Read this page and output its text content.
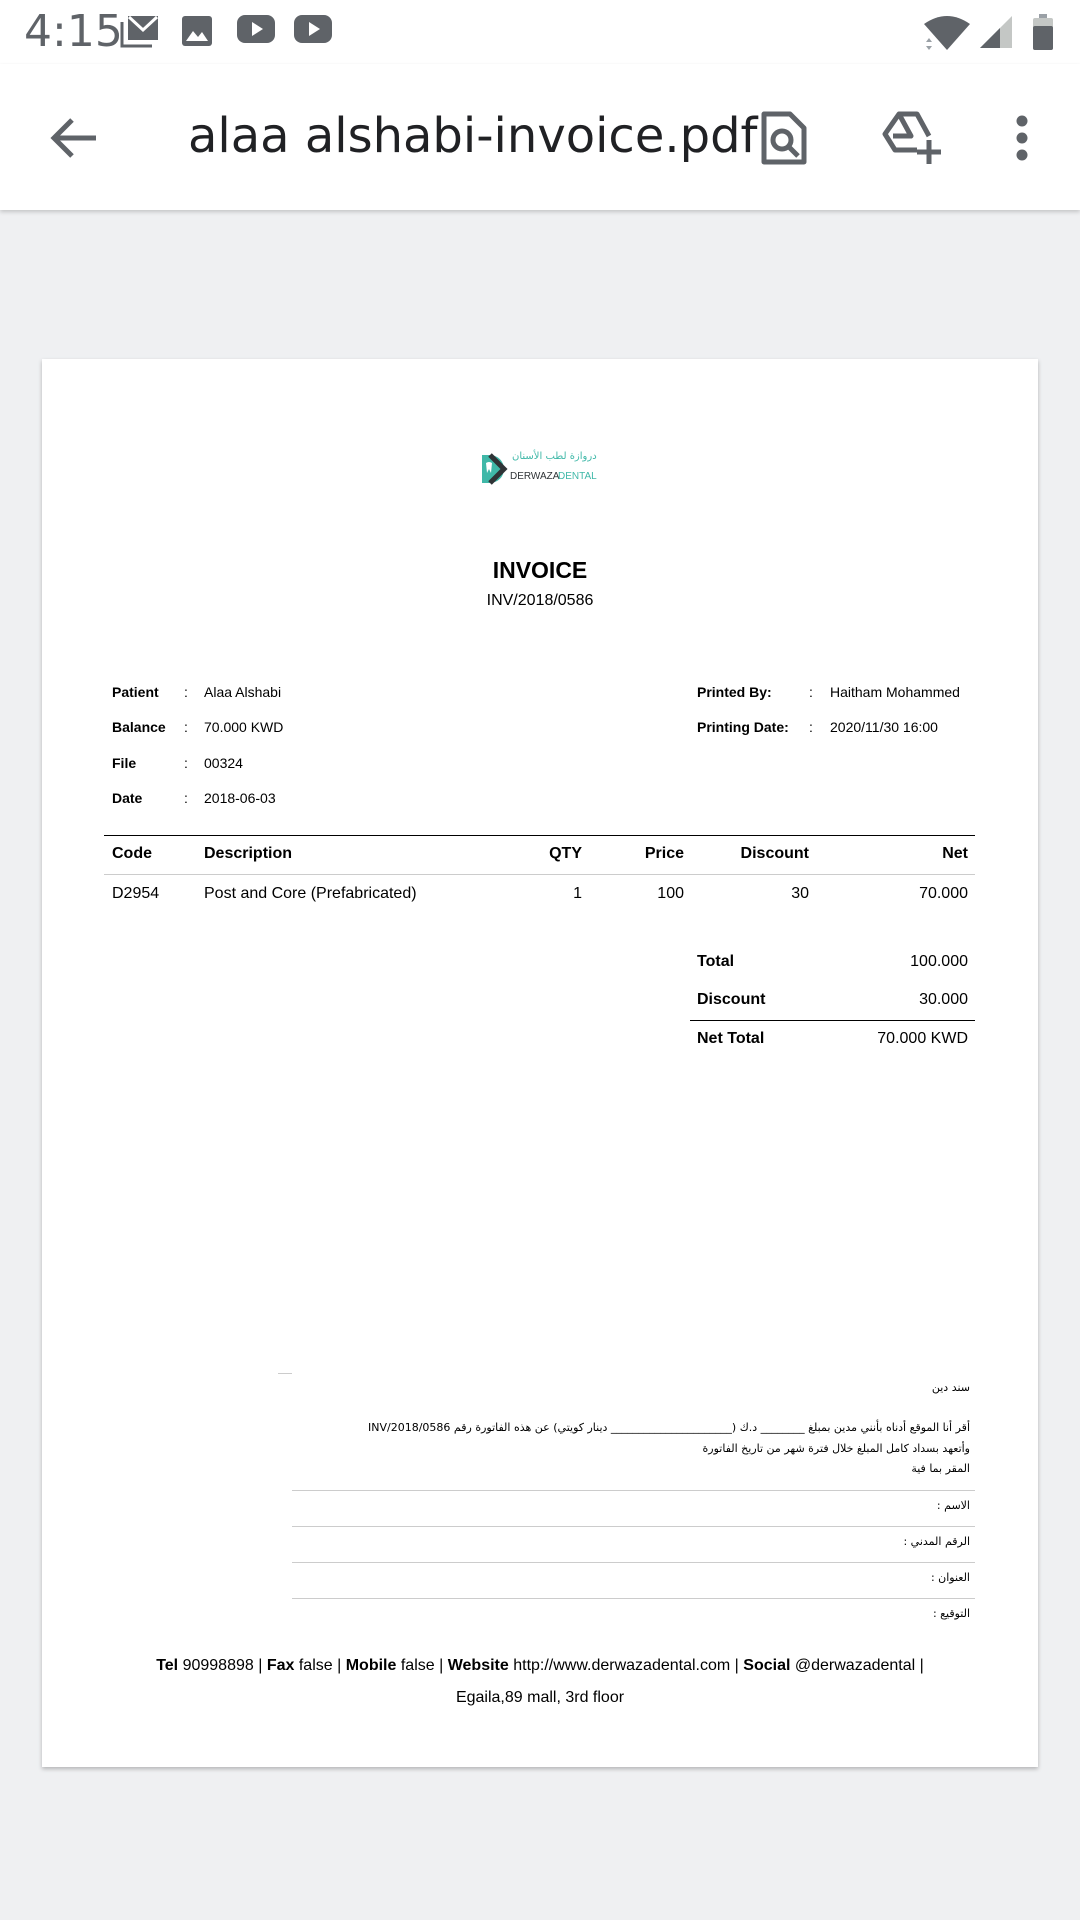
4:15
alaa alshabi-invoice.pdf
دروازة لطب الأسنان
DERWAZA
DENTAL
INVOICE
INV/2018/0586
Patient : Alaa Alshabi
Balance : 70.000 KWD
File	: 00324
Date	: 2018-06-03
Printed By:	: Haitham Mohammed
Printing Date: : 2020/11/30 16:00
Code	Description	QTY	Price	Discount	Net
D2954	Post and Core (Prefabricated)	1	100	30	70.000
Total	100.000
Discount	30.000
Net Total	70.000 KWD
سند دين
أقر أنا الموقع أدناه بأنني مدين بمبلغ ________ د.ك (______________________ دينار كويتي) عن هذه الفاتورة رقم INV/2018/0586
وأتعهد بسداد كامل المبلغ خلال فترة شهر من تاريخ الفاتورة
المقر بما فية
الاسم :
الرقم المدني :
العنوان :
التوقيع :
Tel 90998898 | Fax false | Mobile false | Website http://www.derwazadental.com | Social @derwazadental |
Egaila,89 mall, 3rd floor
